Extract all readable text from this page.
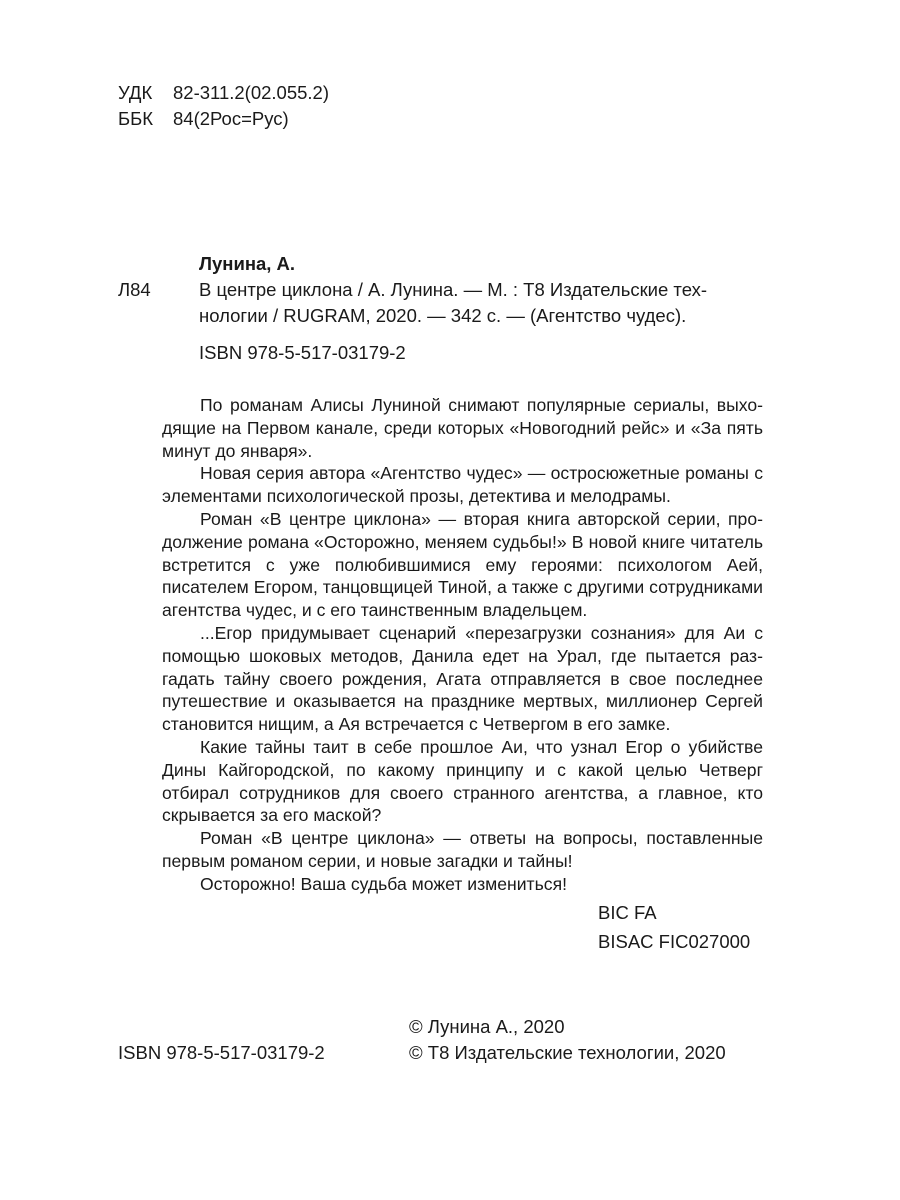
УДК 82-311.2(02.055.2)
ББК 84(2Рос=Рус)
Лунина, А.
Л84	В центре циклона / А. Лунина. — М. : Т8 Издательские тех-
нологии / RUGRAM, 2020. — 342 с. — (Агентство чудес).
ISBN 978-5-517-03179-2

По романам Алисы Луниной снимают популярные сериалы, выходящие на Первом канале, среди которых «Новогодний рейс» и «За пять минут до января».

Новая серия автора «Агентство чудес» — остросюжетные романы с элементами психологической прозы, детектива и мелодрамы.

Роман «В центре циклона» — вторая книга авторской серии, продолжение романа «Осторожно, меняем судьбы!» В новой книге читатель встретится с уже полюбившимися ему героями: психологом Аей, писателем Егором, танцовщицей Тиной, а также с другими сотрудниками агентства чудес, и с его таинственным владельцем.

...Егор придумывает сценарий «перезагрузки сознания» для Аи с помощью шоковых методов, Данила едет на Урал, где пытается разгадать тайну своего рождения, Агата отправляется в свое последнее путешествие и оказывается на празднике мертвых, миллионер Сергей становится нищим, а Ая встречается с Четвергом в его замке.

Какие тайны таит в себе прошлое Аи, что узнал Егор о убийстве Дины Кайгородской, по какому принципу и с какой целью Четверг отбирал сотрудников для своего странного агентства, а главное, кто скрывается за его маской?

Роман «В центре циклона» — ответы на вопросы, поставленные первым романом серии, и новые загадки и тайны!

Осторожно! Ваша судьба может измениться!

BIC FA
BISAC FIC027000
© Лунина А., 2020
© Т8 Издательские технологии, 2020
ISBN 978-5-517-03179-2
